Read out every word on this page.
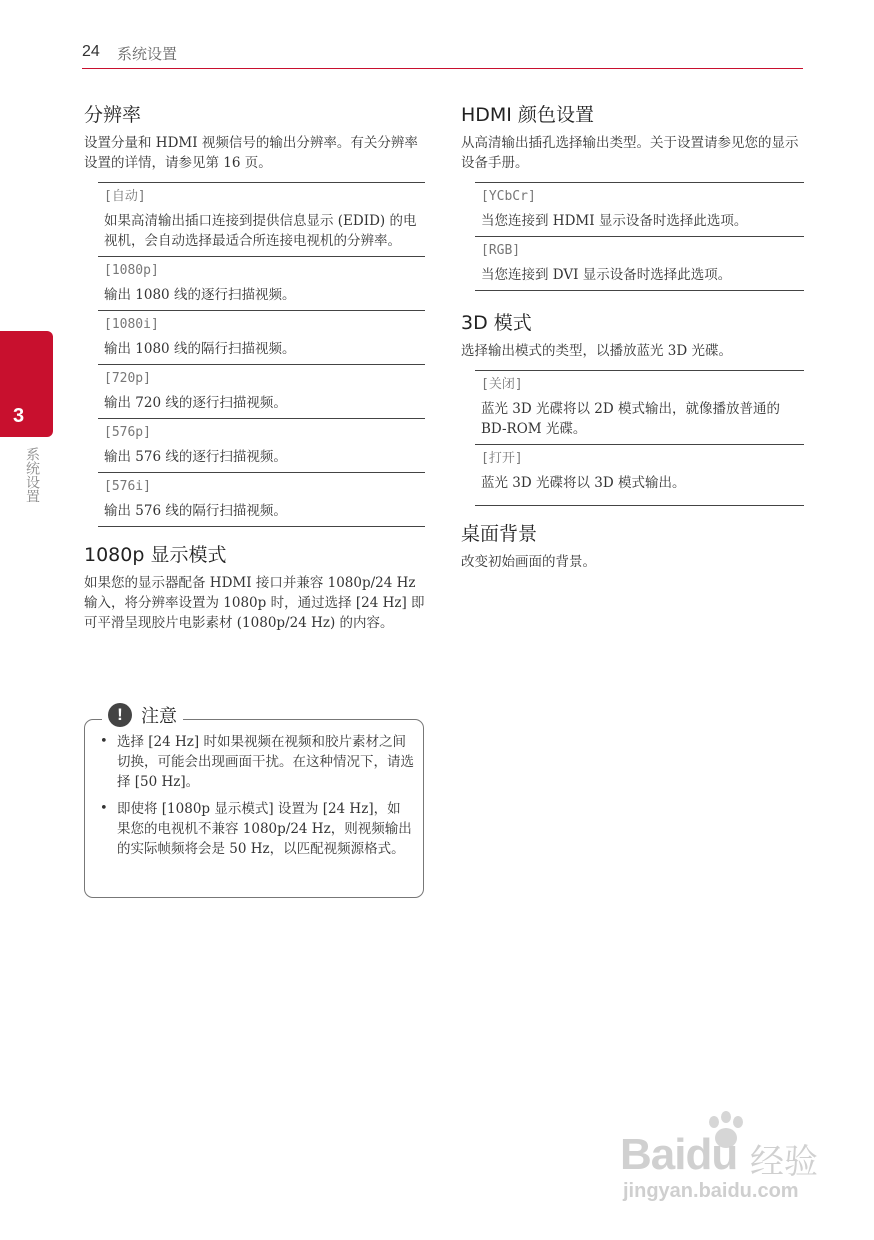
24 系统设置
3
系统设置
分辨率

设置分量和 HDMI 视频信号的输出分辨率。有关分辨率设置的详情，请参见第 16 页。

[自动]
如果高清输出插口连接到提供信息显示 (EDID) 的电视机，会自动选择最适合所连接电视机的分辨率。
[1080p]
输出 1080 线的逐行扫描视频。
[1080i]
输出 1080 线的隔行扫描视频。
[720p]
输出 720 线的逐行扫描视频。
[576p]
输出 576 线的逐行扫描视频。
[576i]
输出 576 线的隔行扫描视频。
1080p 显示模式

如果您的显示器配备 HDMI 接口并兼容 1080p/24 Hz 输入，将分辨率设置为 1080p 时，通过选择 [24 Hz] 即可平滑呈现胶片电影素材 (1080p/24 Hz) 的内容。

• 选择 [24 Hz] 时如果视频在视频和胶片素材之间切换，可能会出现画面干扰。在这种情况下，请选择 [50 Hz]。
• 即使将 [1080p 显示模式] 设置为 [24 Hz]，如果您的电视机不兼容 1080p/24 Hz，则视频输出的实际帧频将会是 50 Hz，以匹配视频源格式。
!	注意
HDMI 颜色设置

从高清输出插孔选择输出类型。关于设置请参见您的显示设备手册。

[YCbCr]
当您连接到 HDMI 显示设备时选择此选项。
[RGB]
当您连接到 DVI 显示设备时选择此选项。
3D 模式

选择输出模式的类型，以播放蓝光 3D 光碟。

[关闭]
蓝光 3D 光碟将以 2D 模式输出，就像播放普通的 BD-ROM 光碟。
[打开]
蓝光 3D 光碟将以 3D 模式输出。
桌面背景

改变初始画面的背景。

Baidu 经验
jingyan.baidu.com
